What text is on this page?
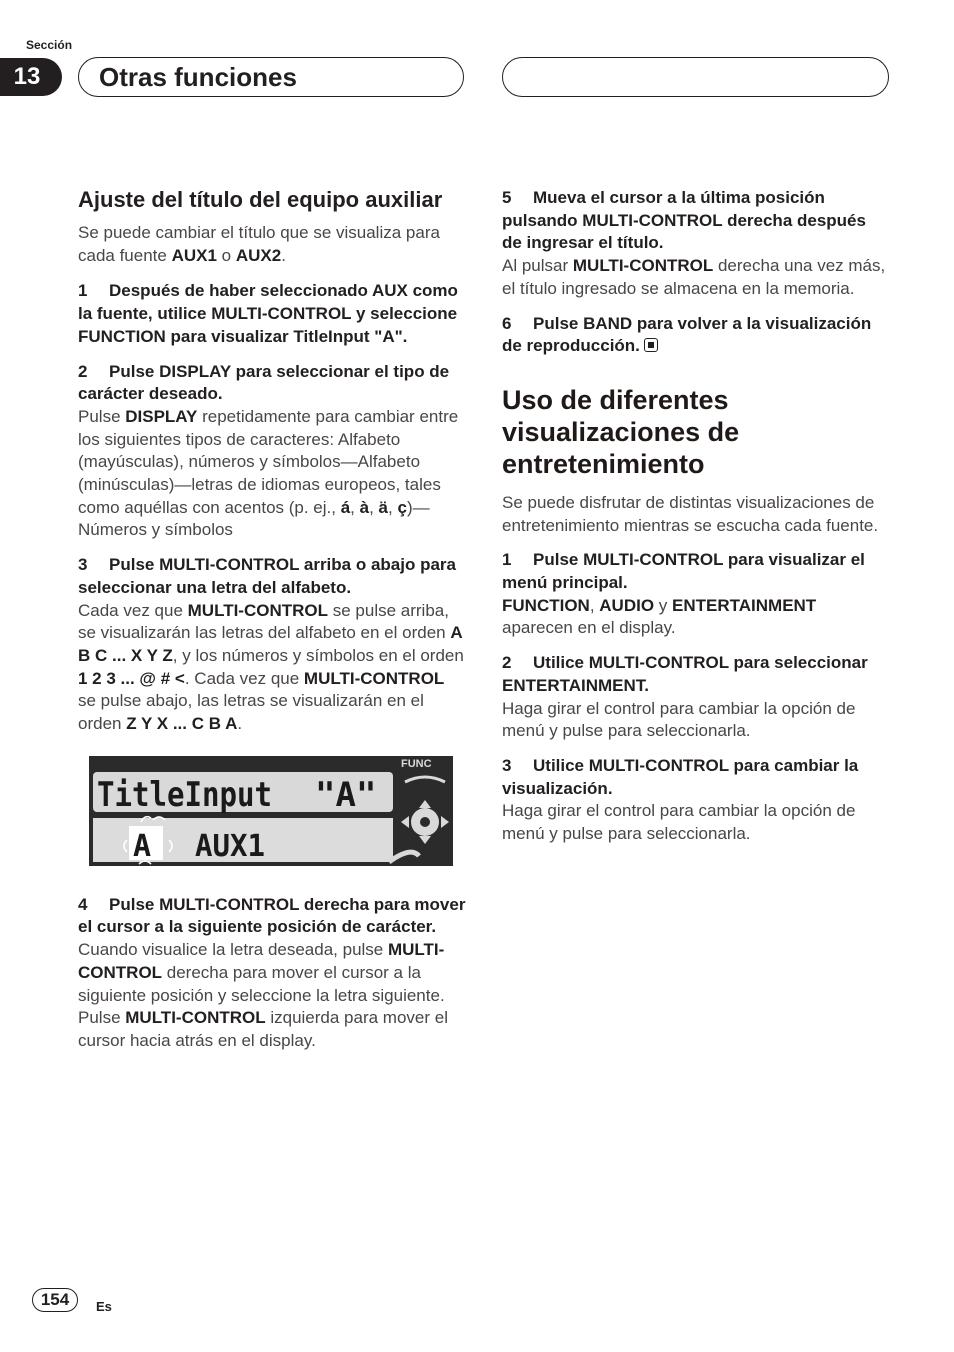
Sección
13	Otras funciones
Ajuste del título del equipo auxiliar

Se puede cambiar el título que se visualiza para cada fuente AUX1 o AUX2.

1 Después de haber seleccionado AUX como la fuente, utilice MULTI-CONTROL y seleccione FUNCTION para visualizar TitleInput "A".

2 Pulse DISPLAY para seleccionar el tipo de carácter deseado.

Pulse DISPLAY repetidamente para cambiar entre los siguientes tipos de caracteres: Alfabeto (mayúsculas), números y símbolos—Alfabeto (minúsculas)—letras de idiomas europeos, tales como aquéllas con acentos (p. ej., á, à, ä, ç)—Números y símbolos

3 Pulse MULTI-CONTROL arriba o abajo para seleccionar una letra del alfabeto.

Cada vez que MULTI-CONTROL se pulse arriba, se visualizarán las letras del alfabeto en el orden A B C ... X Y Z, y los números y símbolos en el orden 1 2 3 ... @ # <. Cada vez que MULTI-CONTROL se pulse abajo, las letras se visualizarán en el orden Z Y X ... C B A.

TitleInput "A"
A AUX1
FUNC

4 Pulse MULTI-CONTROL derecha para mover el cursor a la siguiente posición de carácter.

Cuando visualice la letra deseada, pulse MULTI-CONTROL derecha para mover el cursor a la siguiente posición y seleccione la letra siguiente. Pulse MULTI-CONTROL izquierda para mover el cursor hacia atrás en el display.

5 Mueva el cursor a la última posición pulsando MULTI-CONTROL derecha después de ingresar el título.

Al pulsar MULTI-CONTROL derecha una vez más, el título ingresado se almacena en la memoria.

6 Pulse BAND para volver a la visualización de reproducción.

Uso de diferentes visualizaciones de entretenimiento

Se puede disfrutar de distintas visualizaciones de entretenimiento mientras se escucha cada fuente.

1 Pulse MULTI-CONTROL para visualizar el menú principal.

FUNCTION, AUDIO y ENTERTAINMENT aparecen en el display.

2 Utilice MULTI-CONTROL para seleccionar ENTERTAINMENT.

Haga girar el control para cambiar la opción de menú y pulse para seleccionarla.

3 Utilice MULTI-CONTROL para cambiar la visualización.

Haga girar el control para cambiar la opción de menú y pulse para seleccionarla.

154	Es
